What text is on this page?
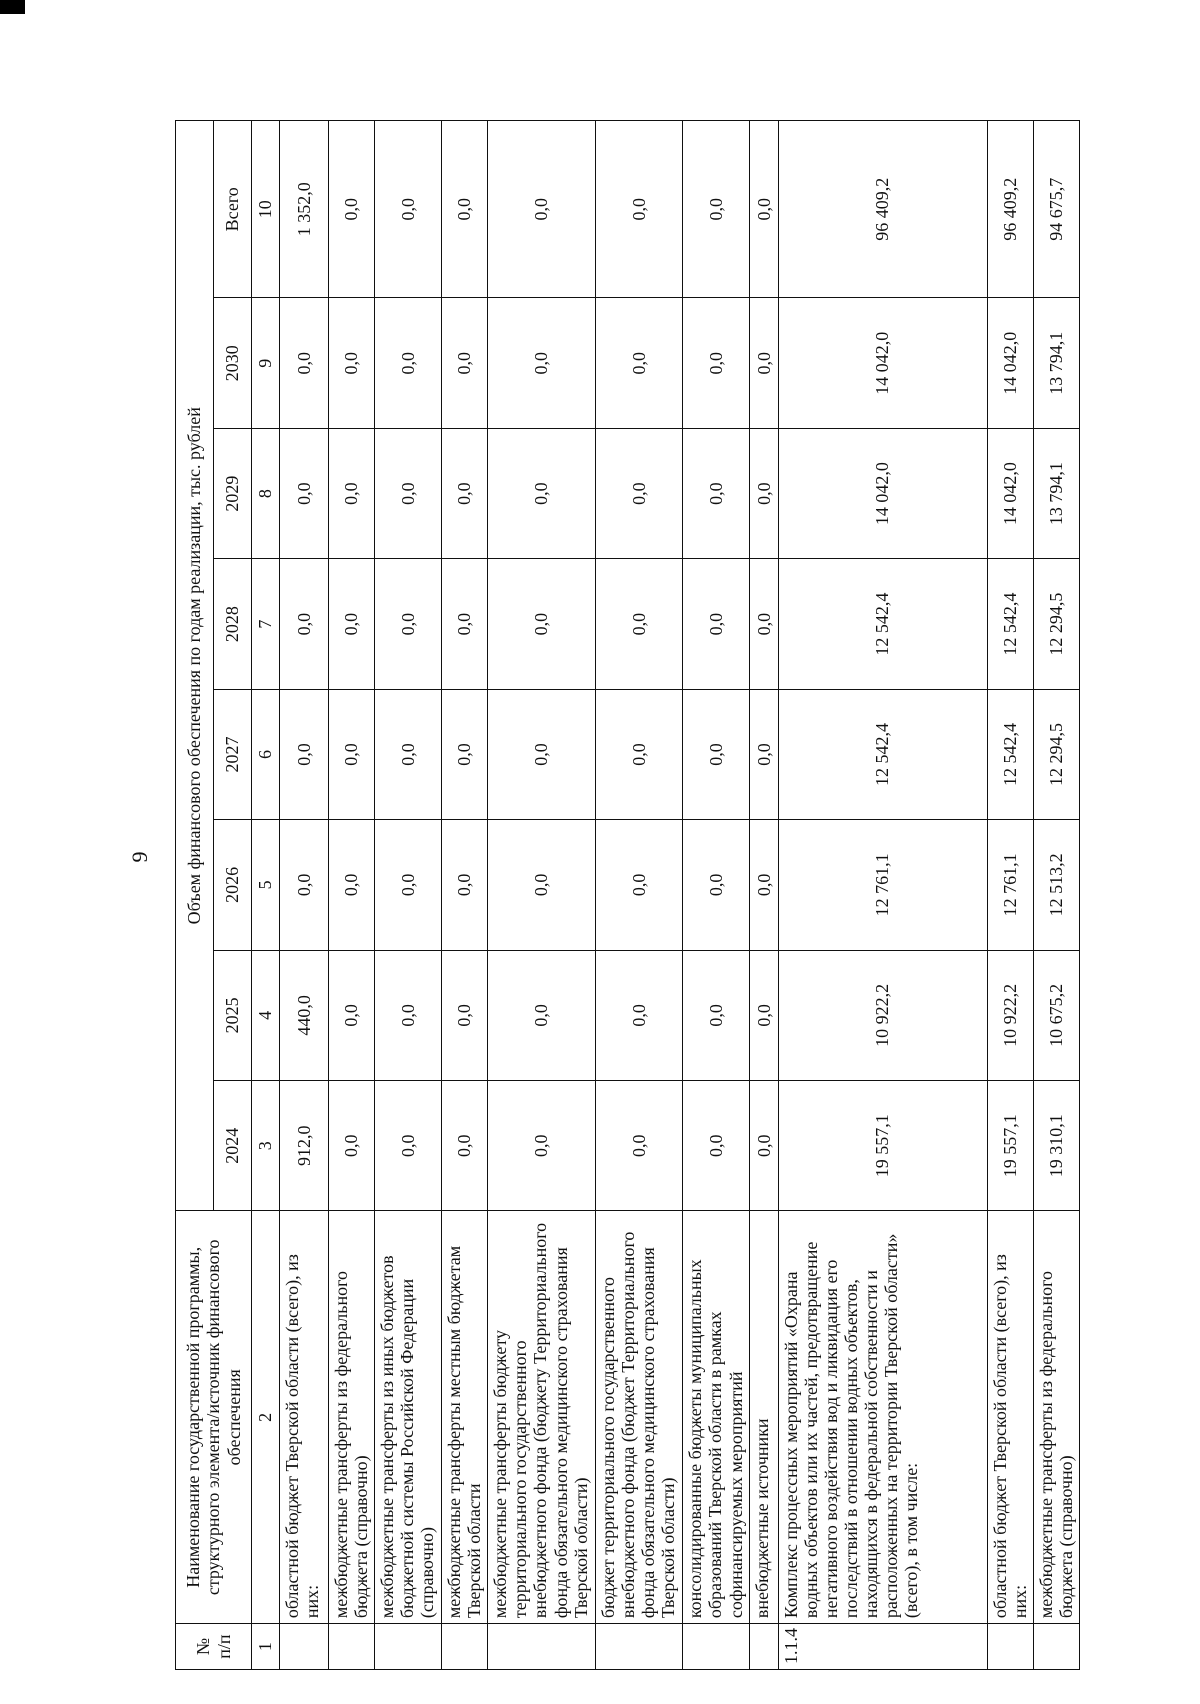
9
№ п/п	Наименование государственной программы, структурного элемента/источник финансового обеспечения	Объем финансового обеспечения по годам реализации, тыс. рублей							
		2024	2025	2026	2027	2028	2029	2030	Всего
1	2	3	4	5	6	7	8	9	10
	областной бюджет Тверской области (всего), из них:	912,0	440,0	0,0	0,0	0,0	0,0	0,0	1 352,0
	межбюджетные трансферты из федерального бюджета (справочно)	0,0	0,0	0,0	0,0	0,0	0,0	0,0	0,0
	межбюджетные трансферты из иных бюджетов бюджетной системы Российской Федерации (справочно)	0,0	0,0	0,0	0,0	0,0	0,0	0,0	0,0
	межбюджетные трансферты местным бюджетам Тверской области	0,0	0,0	0,0	0,0	0,0	0,0	0,0	0,0
	межбюджетные трансферты бюджету территориального государственного внебюджетного фонда (бюджету Территориального фонда обязательного медицинского страхования Тверской области)	0,0	0,0	0,0	0,0	0,0	0,0	0,0	0,0
	бюджет территориального государственного внебюджетного фонда (бюджет Территориального фонда обязательного медицинского страхования Тверской области)	0,0	0,0	0,0	0,0	0,0	0,0	0,0	0,0
	консолидированные бюджеты муниципальных образований Тверской области в рамках софинансируемых мероприятий	0,0	0,0	0,0	0,0	0,0	0,0	0,0	0,0
	внебюджетные источники	0,0	0,0	0,0	0,0	0,0	0,0	0,0	0,0
1.1.4	Комплекс процессных мероприятий «Охрана водных объектов или их частей, предотвращение негативного воздействия вод и ликвидация его последствий в отношении водных объектов, находящихся в федеральной собственности и расположенных на территории Тверской области» (всего), в том числе:	19 557,1	10 922,2	12 761,1	12 542,4	12 542,4	14 042,0	14 042,0	96 409,2
	областной бюджет Тверской области (всего), из них:	19 557,1	10 922,2	12 761,1	12 542,4	12 542,4	14 042,0	14 042,0	96 409,2
	межбюджетные трансферты из федерального бюджета (справочно)	19 310,1	10 675,2	12 513,2	12 294,5	12 294,5	13 794,1	13 794,1	94 675,7
